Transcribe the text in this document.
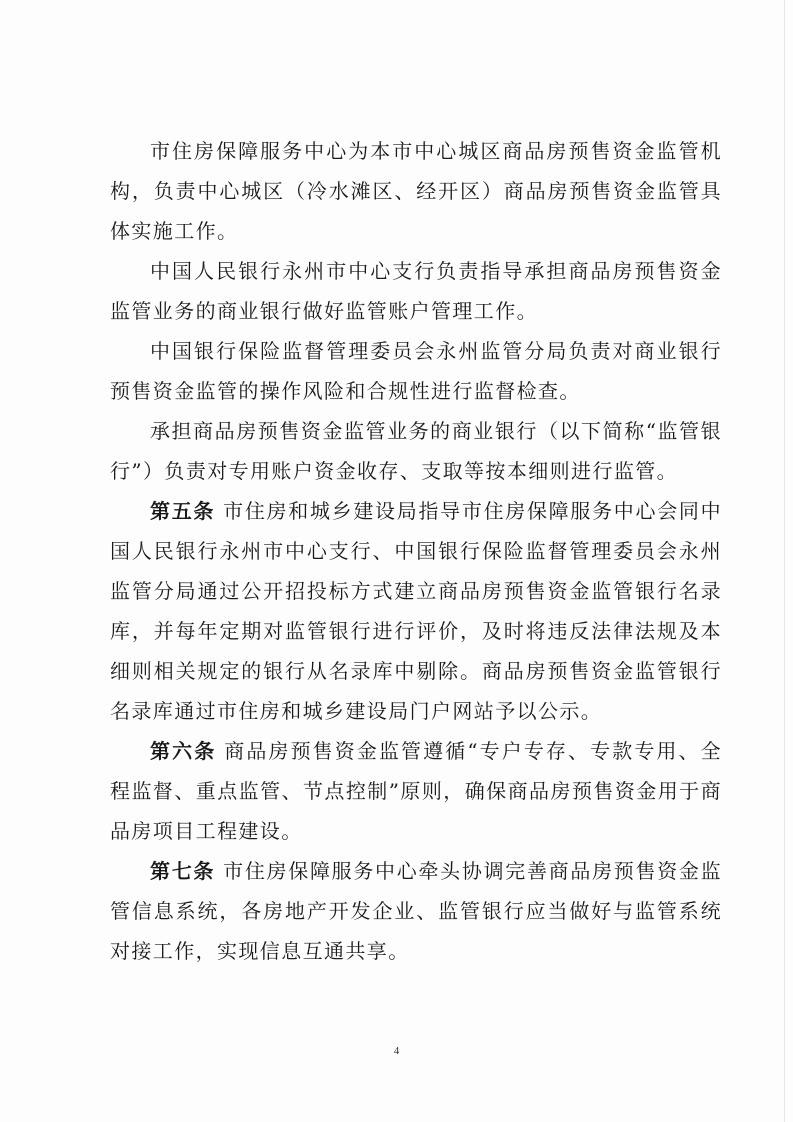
市住房保障服务中心为本市中心城区商品房预售资金监管机构，负责中心城区（冷水滩区、经开区）商品房预售资金监管具体实施工作。

中国人民银行永州市中心支行负责指导承担商品房预售资金监管业务的商业银行做好监管账户管理工作。

中国银行保险监督管理委员会永州监管分局负责对商业银行预售资金监管的操作风险和合规性进行监督检查。

承担商品房预售资金监管业务的商业银行（以下简称“监管银行”）负责对专用账户资金收存、支取等按本细则进行监管。

第五条 市住房和城乡建设局指导市住房保障服务中心会同中国人民银行永州市中心支行、中国银行保险监督管理委员会永州监管分局通过公开招投标方式建立商品房预售资金监管银行名录库，并每年定期对监管银行进行评价，及时将违反法律法规及本细则相关规定的银行从名录库中剔除。商品房预售资金监管银行名录库通过市住房和城乡建设局门户网站予以公示。

第六条 商品房预售资金监管遵循“专户专存、专款专用、全程监督、重点监管、节点控制”原则，确保商品房预售资金用于商品房项目工程建设。

第七条 市住房保障服务中心牵头协调完善商品房预售资金监管信息系统，各房地产开发企业、监管银行应当做好与监管系统对接工作，实现信息互通共享。

4
